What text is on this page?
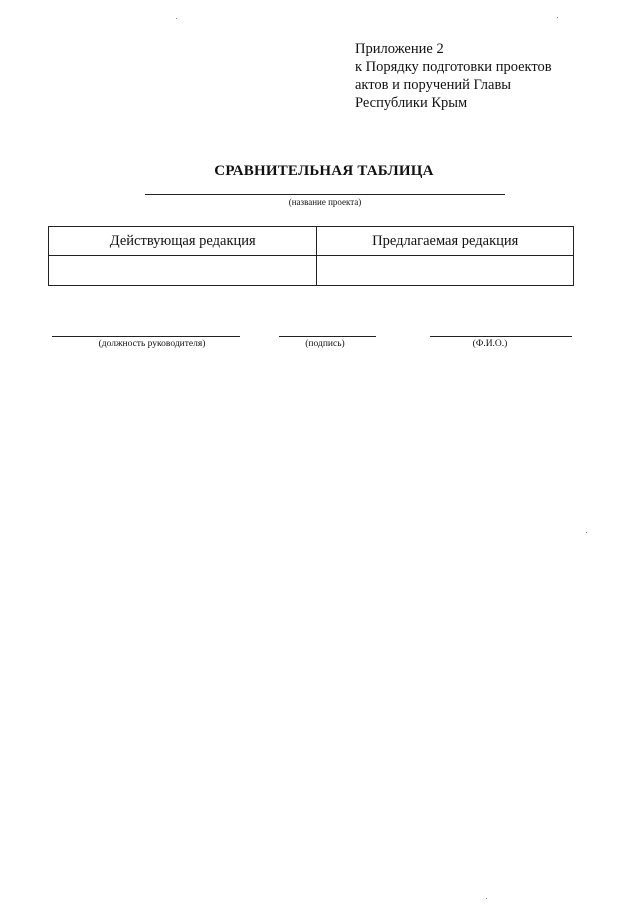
Приложение 2
к Порядку подготовки проектов
актов и поручений Главы
Республики Крым
СРАВНИТЕЛЬНАЯ ТАБЛИЦА
(название проекта)
Действующая редакция	Предлагаемая редакция

(должность руководителя)	(подпись)	(Ф.И.О.)
